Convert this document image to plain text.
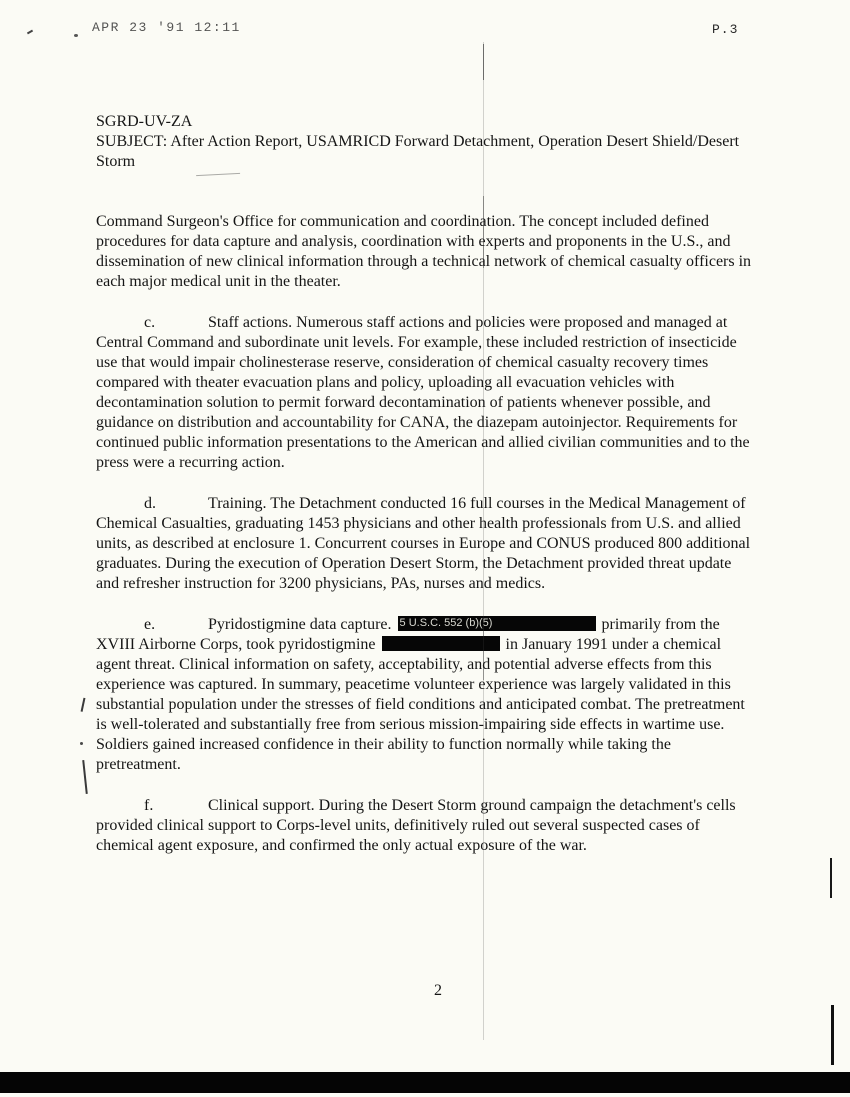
APR 23 '91 12:11	P.3

SGRD-UV-ZA

SUBJECT: After Action Report, USAMRICD Forward Detachment, Operation Desert Shield/Desert Storm

Command Surgeon's Office for communication and coordination. The concept included defined procedures for data capture and analysis, coordination with experts and proponents in the U.S., and dissemination of new clinical information through a technical network of chemical casualty officers in each major medical unit in the theater.

c.	Staff actions. Numerous staff actions and policies were proposed and managed at Central Command and subordinate unit levels. For example, these included restriction of insecticide use that would impair cholinesterase reserve, consideration of chemical casualty recovery times compared with theater evacuation plans and policy, uploading all evacuation vehicles with decontamination solution to permit forward decontamination of patients whenever possible, and guidance on distribution and accountability for CANA, the diazepam autoinjector. Requirements for continued public information presentations to the American and allied civilian communities and to the press were a recurring action.

d.	Training. The Detachment conducted 16 full courses in the Medical Management of Chemical Casualties, graduating 1453 physicians and other health professionals from U.S. and allied units, as described at enclosure 1. Concurrent courses in Europe and CONUS produced 800 additional graduates. During the execution of Operation Desert Storm, the Detachment provided threat update and refresher instruction for 3200 physicians, PAs, nurses and medics.

e.	Pyridostigmine data capture. 5 U.S.C. 552 (b)(5)	primarily from the XVIII Airborne Corps, took pyridostigmine	in January 1991 under a chemical agent threat. Clinical information on safety, acceptability, and potential adverse effects from this experience was captured. In summary, peacetime volunteer experience was largely validated in this substantial population under the stresses of field conditions and anticipated combat. The pretreatment is well-tolerated and substantially free from serious mission-impairing side effects in wartime use. Soldiers gained increased confidence in their ability to function normally while taking the pretreatment.

f.	Clinical support. During the Desert Storm ground campaign the detachment's cells provided clinical support to Corps-level units, definitively ruled out several suspected cases of chemical agent exposure, and confirmed the only actual exposure of the war.

2
